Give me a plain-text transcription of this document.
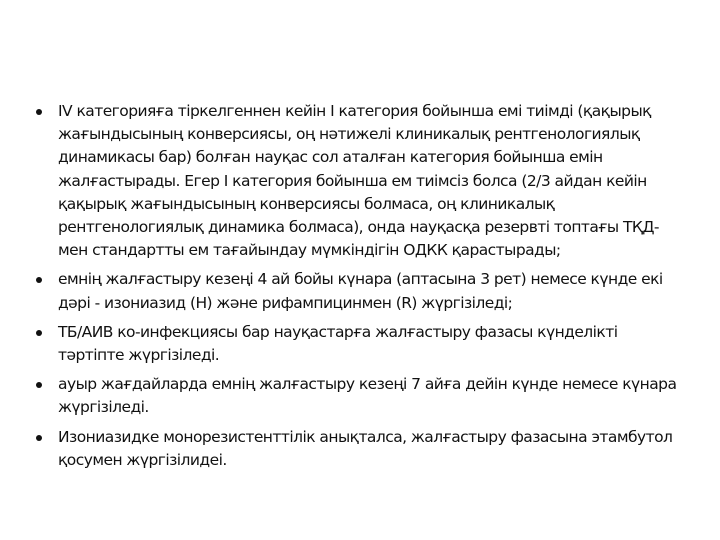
IV категорияға тіркелгеннен кейін I категория бойынша емі тиімді (қақырық жағындысының конверсиясы, оң нәтижелі клиникалық рентгенологиялық динамикасы бар) болған науқас сол аталған категория бойынша емін жалғастырады. Егер I категория бойынша ем тиімсіз болса (2/3 айдан кейін қақырық жағындысының конверсиясы болмаса, оң клиникалық рентгенологиялық динамика болмаса), онда науқасқа резервті топтағы ТҚД-мен стандартты ем тағайындау мүмкіндігін ОДКК қарастырады;
емнің жалғастыру кезеңі 4 ай бойы күнара (аптасына 3 рет) немесе күнде екі дәрі - изониазид (Н) және рифампицинмен (R) жүргізіледі;
ТБ/АИВ ко-инфекциясы бар науқастарға жалғастыру фазасы күнделікті тәртіпте жүргізіледі.
ауыр жағдайларда емнің жалғастыру кезеңі 7 айға дейін күнде немесе күнара жүргізіледі.
Изониазидке монорезистенттілік анықталса, жалғастыру фазасына этамбутол қосумен жүргізілидеі.
